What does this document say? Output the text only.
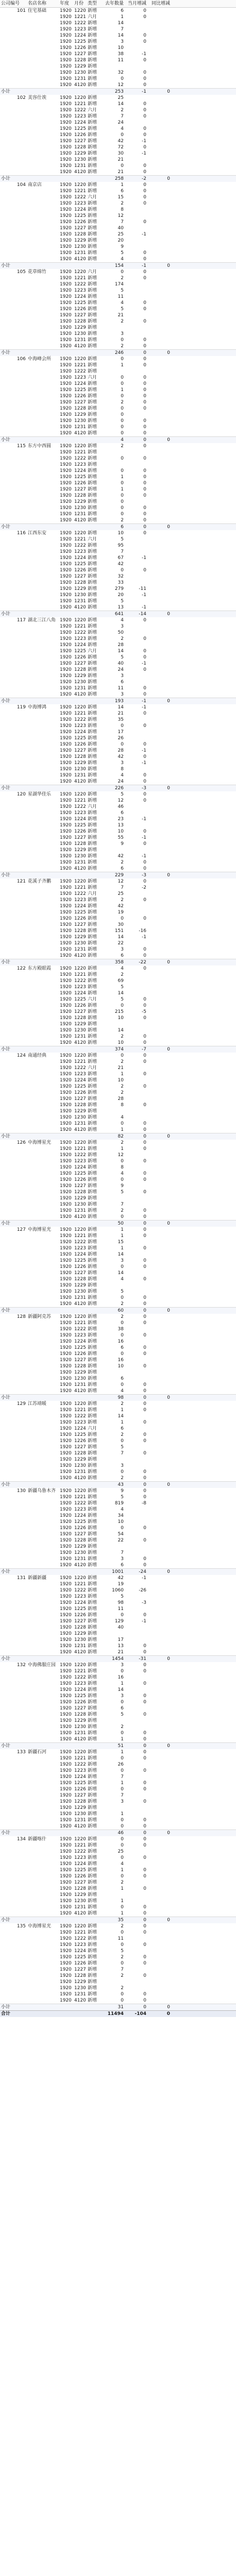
公司编号 名店名称	年度	月份 类型	去年数量 当月增减	同比增减
101 住宅基础	1920 1220 新增	6	0
1920 1221 六月	1	0
1920 1222 新增	14
1920 1223 新增	7
1920 1224 新增	14	0
1920 1225 新增	3	0
1920 1226 新增	10
1920 1227 新增	38	-1
1920 1228 新增	11	0
1920 1229 新增
1920 1230 新增	32	0
1920 1231 新增	0	0
1920 4120 新增	12	0
小计	253	-1	0
102 美容仕诶	1920 1220 新增	25
1920 1221 新增	14	0
1920 1222 六月	2	0
1920 1223 新增	7	0
1920 1224 新增	24
1920 1225 新增	4	0
1920 1226 新增	0	0
1920 1227 新增	42	-1
1920 1228 新增	72	0
1920 1229 新增	30	-1
1920 1230 新增	21
1920 1231 新增	0	0
1920 4120 新增	21	0
小计	258	-2	0
104 南京店	1920 1220 新增	1	0
1920 1221 新增	6	0
1920 1222 六月	15	0
1920 1223 新增	2	0
1920 1224 新增	8
1920 1225 新增	12
1920 1226 新增	7	0
1920 1227 新增	40
1920 1228 新增	25	-1
1920 1229 新增	20
1920 1230 新增	9
1920 1231 新增	5	0
1920 4120 新增	4	0
小计	154	-1	0
105 花草绵竹	1920 1220 六月	0	0
1920 1221 新增	2	0
1920 1222 新增	174
1920 1223 新增	5
1920 1224 新增	11
1920 1225 新增	4	0
1920 1226 新增	5	0
1920 1227 新增	21
1920 1228 新增	2	0
1920 1229 新增
1920 1230 新增	3
1920 1231 新增	0	0
1920 4120 新增	2	0
小计	246	0	0
106 中海峰会所	1920 1220 新增	0	0
1920 1221 新增	1	0
1920 1222 新增
1920 1223 六月	0	0
1920 1224 新增	0	0
1920 1225 新增	1	0
1920 1226 新增	0	0
1920 1227 新增	2	0
1920 1228 新增	0	0
1920 1229 新增	0
1920 1230 新增	0	0
1920 1231 新增	0	0
1920 4120 新增	0	0
小计	4	0	0
115 东方中西圆	1920 1220 新增	2	0
1920 1221 新增
1920 1222 新增	0	0
1920 1223 新增
1920 1224 新增	0	0
1920 1225 新增	1	0
1920 1226 新增	0	0
1920 1227 新增	1	0
1920 1228 新增	0	0
1920 1229 新增	0
1920 1230 新增	0	0
1920 1231 新增	0	0
1920 4120 新增	2	0
小计	6	0	0
116 江西东安	1920 1220 新增	10	0
1920 1221 六月	5
1920 1222 新增	95
1920 1223 新增	7
1920 1224 新增	67	-1
1920 1225 新增	42
1920 1226 新增	0	0
1920 1227 新增	32
1920 1228 新增	33
1920 1229 新增	279	-11
1920 1230 新增	20	-1
1920 1231 新增	5
1920 4120 新增	13	-1
小计	641	-14	0
117 湖北三江八角 1920 1220 新增	4	0
1920 1221 新增	3
1920 1222 新增	50
1920 1223 新增	2	0
1920 1224 新增	28
1920 1225 六月	14	0
1920 1226 新增	5	0
1920 1227 新增	40	-1
1920 1228 新增	24	0
1920 1229 新增	3
1920 1230 新增	6
1920 1231 新增	11	0
1920 4120 新增	3	0
小计	193	-1	0
119 中海博鸿	1920 1220 新增	14	-1
1920 1221 新增	21	0
1920 1222 新增	35
1920 1223 新增	0	0
1920 1224 新增	17
1920 1225 新增	26
1920 1226 新增	0	0
1920 1227 新增	28	-1
1920 1228 新增	42	0
1920 1229 新增	3	-1
1920 1230 新增	8
1920 1231 新增	4	0
1920 4120 新增	24	0
小计	226	-3	0
120 星湖华佳乐	1920 1220 新增	5	0
1920 1221 新增	12	0
1920 1222 六月	46
1920 1223 新增	6
1920 1224 新增	23	-1
1920 1225 新增	13
1920 1226 新增	10	0
1920 1227 新增	55	-1
1920 1228 新增	9	0
1920 1229 新增
1920 1230 新增	42	-1
1920 1231 新增	2	0
1920 4120 新增	6	0
小计	229	-3	0
121 花溪子齐鹏	1920 1220 新增	12	0
1920 1221 新增	7	-2
1920 1222 六月	25
1920 1223 新增	2	0
1920 1224 新增	42
1920 1225 新增	19
1920 1226 新增	0	0
1920 1227 新增	30
1920 1228 新增	151	-16
1920 1229 新增	14	-1
1920 1230 新增	22
1920 1231 新增	3	0
1920 4120 新增	6	0
小计	358	-22	0
122 东方殿眼霞	1920 1220 新增	4	0
1920 1221 新增	2
1920 1222 新增	69
1920 1223 新增	5
1920 1224 新增	14
1920 1225 六月	5	0
1920 1226 新增	0	0
1920 1227 新增	215	-5
1920 1228 新增	10	0
1920 1229 新增
1920 1230 新增	14
1920 1231 新增	2	0
1920 4120 新增	10	0
小计	374	-7	0
124 南通经典	1920 1220 新增	0	0
1920 1221 新增	2	0
1920 1222 六月	21
1920 1223 新增	1	0
1920 1224 新增	10
1920 1225 新增	2	0
1920 1226 新增	2
1920 1227 新增	28
1920 1228 新增	8	0
1920 1229 新增
1920 1230 新增	4
1920 1231 新增	0	0
1920 4120 新增	1	0
小计	82	0	0
126 中海博星光	1920 1220 新增	2	0
1920 1221 新增	1	0
1920 1222 新增	12
1920 1223 新增	0	0
1920 1224 新增	8
1920 1225 新增	4	0
1920 1226 新增	0	0
1920 1227 新增	9
1920 1228 新增	5	0
1920 1229 新增
1920 1230 新增	7
1920 1231 新增	2	0
1920 4120 新增	0	0
小计	50	0	0
127 中海博星光	1920 1220 新增	1	0
1920 1221 新增	1	0
1920 1222 新增	15
1920 1223 新增	1	0
1920 1224 新增	14
1920 1225 新增	3	0
1920 1226 新增	0	0
1920 1227 新增	14
1920 1228 新增	4	0
1920 1229 新增
1920 1230 新增	5
1920 1231 新增	0	0
1920 4120 新增	2	0
小计	60	0	0
128 新疆阿克苏	1920 1220 新增	2	0
1920 1221 新增	0	0
1920 1222 新增	38
1920 1223 新增	0	0
1920 1224 新增	16
1920 1225 新增	6	0
1920 1226 新增	0	0
1920 1227 新增	16
1920 1228 新增	10	0
1920 1229 新增
1920 1230 新增	6
1920 1231 新增	0	0
1920 4120 新增	4	0
小计	98	0	0
129 江苏靖暖	1920 1220 新增	2	0
1920 1221 新增	1	0
1920 1222 新增	14
1920 1223 新增	1	0
1920 1224 六月	6
1920 1225 新增	2	0
1920 1226 新增	0	0
1920 1227 新增	5
1920 1228 新增	7	0
1920 1229 新增
1920 1230 新增	3
1920 1231 新增	0	0
1920 4120 新增	2	0
小计	43	0	0
130 新疆乌鲁木齐 1920 1220 新增	9	0
1920 1221 新增	5	0
1920 1222 新增	819	-8
1920 1223 新增	4
1920 1224 新增	34
1920 1225 新增	10
1920 1226 新增	0	0
1920 1227 新增	54
1920 1228 新增	22	0
1920 1229 新增
1920 1230 新增	7
1920 1231 新增	3	0
1920 4120 新增	6	0
小计	1001	-24	0
131 新疆新疆	1920 1220 新增	42	-1
1920 1221 新增	19
1920 1222 新增	1060	-26
1920 1223 新增	5
1920 1224 新增	98	-3
1920 1225 新增	11
1920 1226 新增	0	0
1920 1227 新增	129	-1
1920 1228 新增	40
1920 1229 新增
1920 1230 新增	17
1920 1231 新增	13	0
1920 4120 新增	21	0
小计	1454	-31	0
132 中海佛服庄园 1920 1220 新增	3	0
1920 1221 新增	0	0
1920 1222 新增	16
1920 1223 新增	1	0
1920 1224 新增	14
1920 1225 新增	3	0
1920 1226 新增	0	0
1920 1227 新增	6
1920 1228 新增	5	0
1920 1229 新增
1920 1230 新增	2
1920 1231 新增	0	0
1920 4120 新增	1	0
小计	51	0	0
133 新疆石河	1920 1220 新增	1	0
1920 1221 新增	0	0
1920 1222 新增	26
1920 1223 新增	0	0
1920 1224 新增	7
1920 1225 新增	1	0
1920 1226 新增	0	0
1920 1227 新增	7
1920 1228 新增	3	0
1920 1229 新增
1920 1230 新增	1
1920 1231 新增	0	0
1920 4120 新增	0	0
小计	46	0	0
134 新疆喀什	1920 1220 新增	0	0
1920 1221 新增	0	0
1920 1222 新增	25
1920 1223 新增	0	0
1920 1224 新增	4
1920 1225 新增	1	0
1920 1226 新增	0	0
1920 1227 新增	2
1920 1228 新增	1	0
1920 1229 新增
1920 1230 新增	1
1920 1231 新增	0	0
1920 4120 新增	1	0
小计	35	0	0
135 中海博星光	1920 1220 新增	2	0
1920 1221 新增	0	0
1920 1222 新增	11
1920 1223 新增	0	0
1920 1224 新增	5
1920 1225 新增	2	0
1920 1226 新增	0	0
1920 1227 新增	7
1920 1228 新增	2	0
1920 1229 新增
1920 1230 新增	2
1920 1231 新增	0	0
1920 4120 新增	0	0
小计	31	0	0
合计	11494	-104	0
